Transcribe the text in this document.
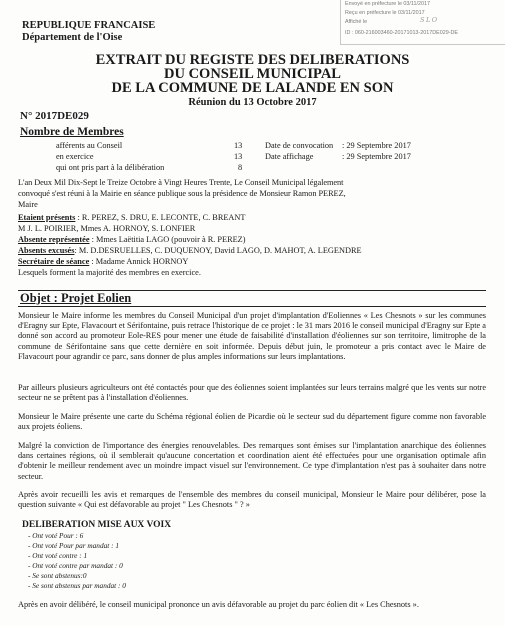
Envoyé en préfecture le 03/11/2017
Reçu en préfecture le 03/11/2017
Affiché le
ID : 060-216003460-20171013-2017DE029-DE
SLO
REPUBLIQUE FRANCAISE
Département de l'Oise
EXTRAIT DU REGISTE DES DELIBERATIONS
DU CONSEIL MUNICIPAL
DE LA COMMUNE DE LALANDE EN SON
Réunion du 13 Octobre 2017
N° 2017DE029
Nombre de Membres
afférents au Conseil	13	Date de convocation : 29 Septembre 2017
en exercice	13	Date affichage	: 29 Septembre 2017
qui ont pris part à la délibération	8
L'an Deux Mil Dix-Sept le Treize Octobre à Vingt Heures Trente, Le Conseil Municipal légalement
convoqué s'est réuni à la Mairie en séance publique sous la présidence de Monsieur Ramon PEREZ,
Maire
Etaient présents : R. PEREZ, S. DRU, E. LECONTE, C. BREANT
M J. L. POIRIER, Mmes A. HORNOY, S. LONFIER
Absente représentée : Mmes Laëtitia LAGO (pouvoir à R. PEREZ)
Absents excusés: M. D.DESRUELLES, C. DUQUENOY, David LAGO, D. MAHOT, A. LEGENDRE
Secrétaire de séance : Madame Annick HORNOY
Lesquels forment la majorité des membres en exercice.
Objet : Projet Eolien
Monsieur le Maire informe les membres du Conseil Municipal d'un projet d'implantation d'Eoliennes « Les Chesnots » sur les communes d'Eragny sur Epte, Flavacourt et Sérifontaine, puis retrace l'historique de ce projet : le 31 mars 2016 le conseil municipal d'Eragny sur Epte a donné son accord au promoteur Eole-RES pour mener une étude de faisabilité d'installation d'éoliennes sur son territoire, limitrophe de la commune de Sérifontaine sans que cette dernière en soit informée. Depuis début juin, le promoteur a pris contact avec le Maire de Flavacourt pour agrandir ce parc, sans donner de plus amples informations sur leurs implantations.
Par ailleurs plusieurs agriculteurs ont été contactés pour que des éoliennes soient implantées sur leurs terrains malgré que les vents sur notre secteur ne se prêtent pas à l'installation d'éoliennes.
Monsieur le Maire présente une carte du Schéma régional éolien de Picardie où le secteur sud du département figure comme non favorable aux projets éoliens.
Malgré la conviction de l'importance des énergies renouvelables. Des remarques sont émises sur l'implantation anarchique des éoliennes dans certaines régions, où il semblerait qu'aucune concertation et coordination aient été effectuées pour une organisation optimale afin d'obtenir le meilleur rendement avec un moindre impact visuel sur l'environnement. Ce type d'implantation n'est pas à souhaiter dans notre secteur.
Après avoir recueilli les avis et remarques de l'ensemble des membres du conseil municipal, Monsieur le Maire pour délibérer, pose la question suivante « Qui est défavorable au projet " Les Chesnots " ? »
DELIBERATION MISE AUX VOIX
- Ont voté Pour : 6
- Ont voté Pour par mandat : 1
- Ont voté contre : 1
- Ont voté contre par mandat : 0
- Se sont abstenus:0
- Se sont abstenus par mandat : 0
Après en avoir délibéré, le conseil municipal prononce un avis défavorable au projet du parc éolien dit « Les Chesnots ».
